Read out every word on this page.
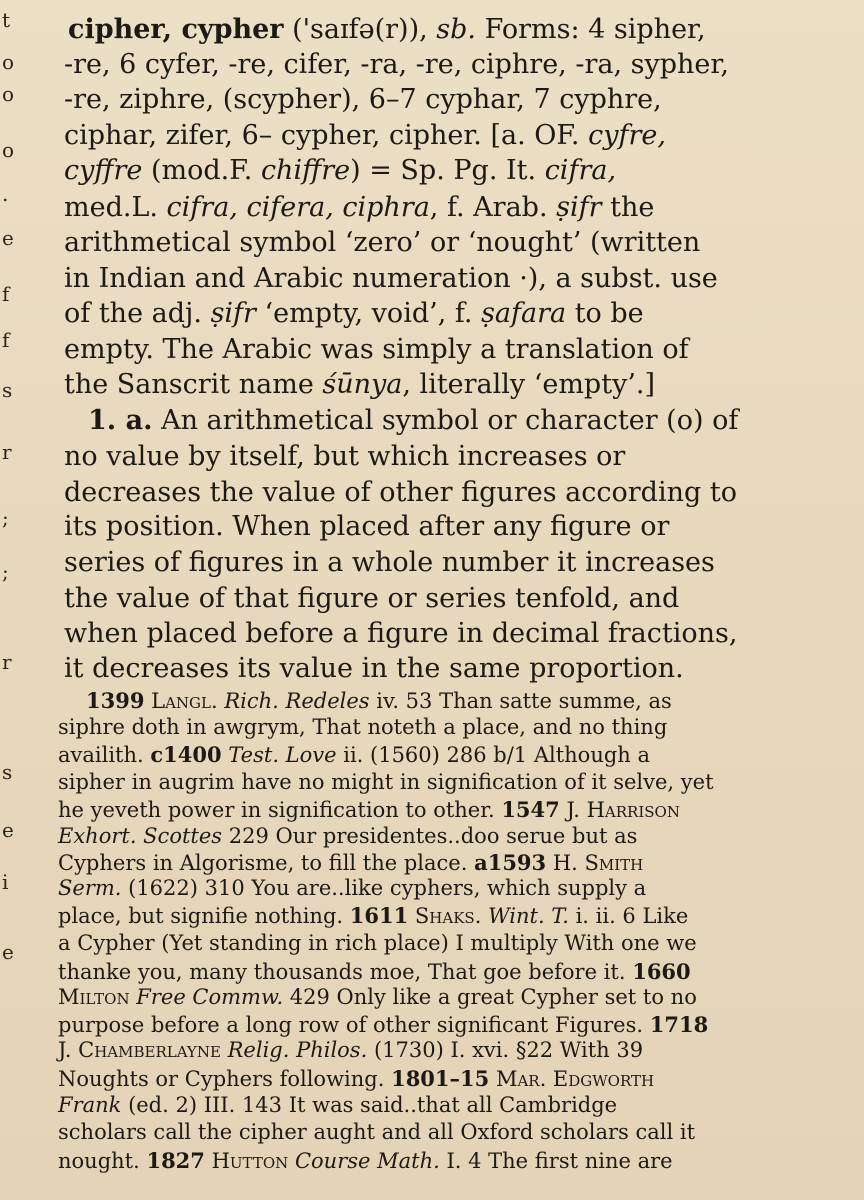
t
o
o
o
.
e
f
f
s
r
;
;
r
s
e
i
e

cipher, cypher ('saɪfə(r)), sb. Forms: 4 sipher,

-re, 6 cyfer, -re, cifer, -ra, -re, ciphre, -ra, sypher,

-re, ziphre, (scypher), 6–7 cyphar, 7 cyphre,

ciphar, zifer, 6– cypher, cipher. [a. OF. cyfre,

cyffre (mod.F. chiffre) = Sp. Pg. It. cifra,

med.L. cifra, cifera, ciphra, f. Arab. ṣifr the

arithmetical symbol ‘zero’ or ‘nought’ (written

in Indian and Arabic numeration ·), a subst. use

of the adj. ṣifr ‘empty, void’, f. ṣafara to be

empty. The Arabic was simply a translation of

the Sanscrit name śūnya, literally ‘empty’.]

1. a. An arithmetical symbol or character (o) of

no value by itself, but which increases or

decreases the value of other figures according to

its position. When placed after any figure or

series of figures in a whole number it increases

the value of that figure or series tenfold, and

when placed before a figure in decimal fractions,

it decreases its value in the same proportion.

1399 Langl. Rich. Redeles iv. 53 Than satte summe, as

siphre doth in awgrym, That noteth a place, and no thing

availith. c1400 Test. Love ii. (1560) 286 b/1 Although a

sipher in augrim have no might in signification of it selve, yet

he yeveth power in signification to other. 1547 J. Harrison

Exhort. Scottes 229 Our presidentes..doo serue but as

Cyphers in Algorisme, to fill the place. a1593 H. Smith

Serm. (1622) 310 You are..like cyphers, which supply a

place, but signifie nothing. 1611 Shaks. Wint. T. i. ii. 6 Like

a Cypher (Yet standing in rich place) I multiply With one we

thanke you, many thousands moe, That goe before it. 1660

Milton Free Commw. 429 Only like a great Cypher set to no

purpose before a long row of other significant Figures. 1718

J. Chamberlayne Relig. Philos. (1730) I. xvi. §22 With 39

Noughts or Cyphers following. 1801–15 Mar. Edgworth

Frank (ed. 2) III. 143 It was said..that all Cambridge

scholars call the cipher aught and all Oxford scholars call it

nought. 1827 Hutton Course Math. I. 4 The first nine are
